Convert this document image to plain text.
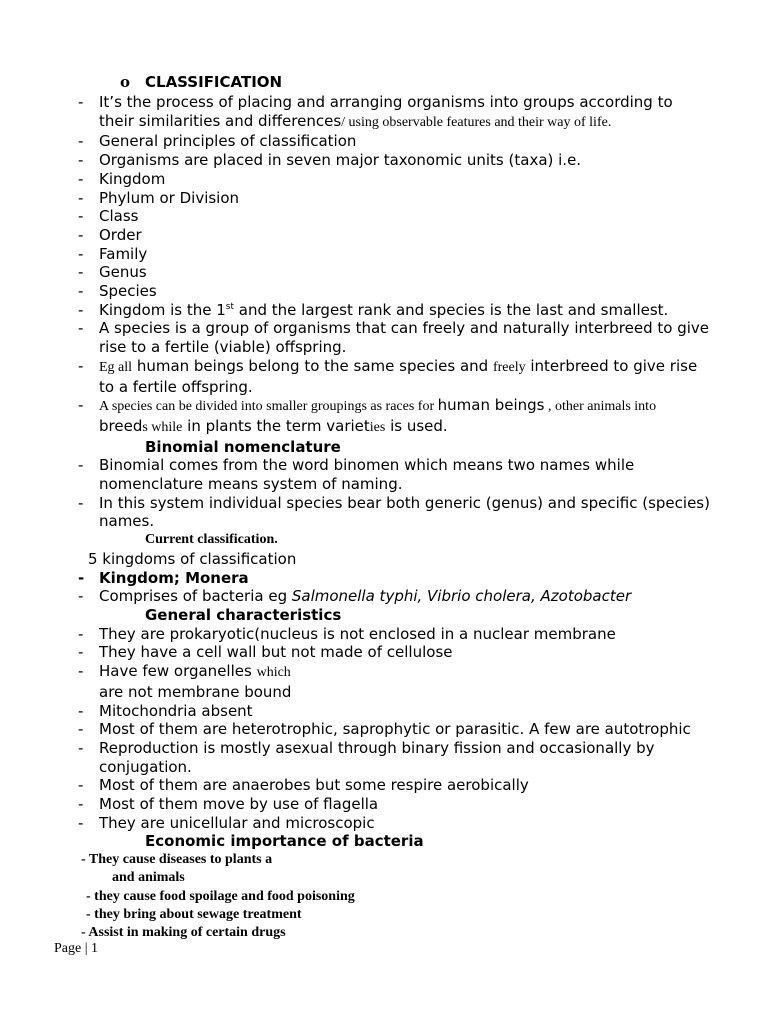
o CLASSIFICATION
- It’s the process of placing and arranging organisms into groups according to
their similarities and differences/ using observable features and their way of life.
- General principles of classification
- Organisms are placed in seven major taxonomic units (taxa) i.e.
- Kingdom
- Phylum or Division
- Class
- Order
- Family
- Genus
- Species
- Kingdom is the 1st and the largest rank and species is the last and smallest.
- A species is a group of organisms that can freely and naturally interbreed to give
rise to a fertile (viable) offspring.
- Eg all human beings belong to the same species and freely interbreed to give rise
to a fertile offspring.
- A species can be divided into smaller groupings as races for human beings , other animals into
breeds while in plants the term varieties is used.
Binomial nomenclature
- Binomial comes from the word binomen which means two names while
nomenclature means system of naming.
- In this system individual species bear both generic (genus) and specific (species)
names.
Current classification.
5 kingdoms of classification
- Kingdom; Monera
- Comprises of bacteria eg Salmonella typhi, Vibrio cholera, Azotobacter
General characteristics
- They are prokaryotic(nucleus is not enclosed in a nuclear membrane
- They have a cell wall but not made of cellulose
- Have few organelles which
are not membrane bound
- Mitochondria absent
- Most of them are heterotrophic, saprophytic or parasitic. A few are autotrophic
- Reproduction is mostly asexual through binary fission and occasionally by
conjugation.
- Most of them are anaerobes but some respire aerobically
- Most of them move by use of flagella
- They are unicellular and microscopic
Economic importance of bacteria
- They cause diseases to plants a
and animals
- they cause food spoilage and food poisoning
- they bring about sewage treatment
- Assist in making of certain drugs
Page | 1
